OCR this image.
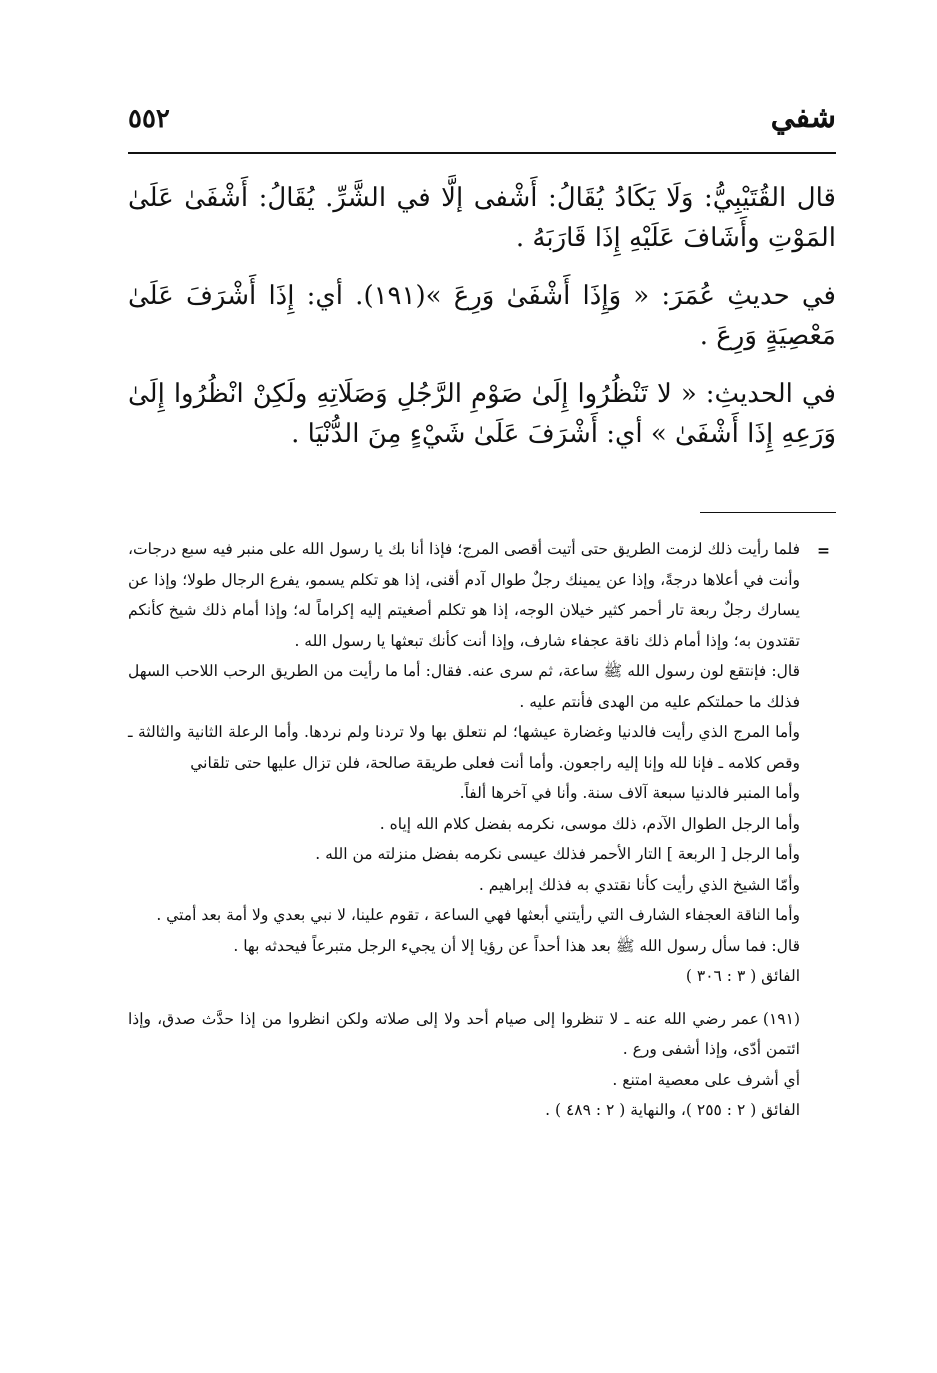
٥٥٢	شفي

قال القُتَيْبِيُّ: وَلَا يَكَادُ يُقَالُ: أَشْفى إلَّا في الشَّرِّ. يُقَالُ: أَشْفَىٰ عَلَىٰ المَوْتِ وأَشَافَ عَلَيْهِ إِذَا قَارَبَهُ .

في حديثِ عُمَرَ: « وَإِذَا أَشْفَىٰ وَرِعَ »(١٩١). أي: إِذَا أَشْرَفَ عَلَىٰ مَعْصِيَةٍ وَرِعَ .

في الحديثِ: « لا تَنْظُرُوا إِلَىٰ صَوْمِ الرَّجُلِ وَصَلَاتِهِ ولَكِنْ انْظُرُوا إِلَىٰ وَرَعِهِ إِذَا أَشْفَىٰ » أي: أَشْرَفَ عَلَىٰ شَيْءٍ مِنَ الدُّنْيَا .

=

فلما رأيت ذلك لزمت الطريق حتى أتيت أقصى المرج؛ فإذا أنا بك يا رسول الله على منبر فيه سبع درجات، وأنت في أعلاها درجةً، وإذا عن يمينك رجلٌ طوال آدم أقنى، إذا هو تكلم يسمو، يفرع الرجال طولا؛ وإذا عن يسارك رجلٌ ربعة تار أحمر كثير خيلان الوجه، إذا هو تكلم أصغيتم إليه إكراماً له؛ وإذا أمام ذلك شيخ كأنكم تقتدون به؛ وإذا أمام ذلك ناقة عجفاء شارف، وإذا أنت كأنك تبعثها يا رسول الله .

قال: فإنتقع لون رسول الله ﷺ ساعة، ثم سرى عنه. فقال: أما ما رأيت من الطريق الرحب اللاحب السهل فذلك ما حملتكم عليه من الهدى فأنتم عليه .

وأما المرج الذي رأيت فالدنيا وغضارة عيشها؛ لم نتعلق بها ولا تردنا ولم نردها. وأما الرعلة الثانية والثالثة ـ وقص كلامه ـ فإنا لله وإنا إليه راجعون. وأما أنت فعلى طريقة صالحة، فلن تزال عليها حتى تلقاني

وأما المنبر فالدنيا سبعة آلاف سنة. وأنا في آخرها ألفاً.

وأما الرجل الطوال الآدم، ذلك موسى، نكرمه بفضل كلام الله إياه .

وأما الرجل [ الربعة ] التار الأحمر فذلك عيسى نكرمه بفضل منزلته من الله .

وأمّا الشيخ الذي رأيت كأنا نقتدي به فذلك إبراهيم .

وأما الناقة العجفاء الشارف التي رأيتني أبعثها فهي الساعة ، تقوم علينا، لا نبي بعدي ولا أمة بعد أمتي .

قال: فما سأل رسول الله ﷺ بعد هذا أحداً عن رؤيا إلا أن يجيء الرجل متبرعاً فيحدثه بها .

الفائق ( ٣ : ٣٠٦ )

(١٩١)عمر رضي الله عنه ـ لا تنظروا إلى صيام أحد ولا إلى صلاته ولكن انظروا من إذا حدَّث صدق، وإذا ائتمن أدّى، وإذا أشفى ورع .

أي أشرف على معصية امتنع .

الفائق ( ٢ : ٢٥٥ )، والنهاية ( ٢ : ٤٨٩ ) .
